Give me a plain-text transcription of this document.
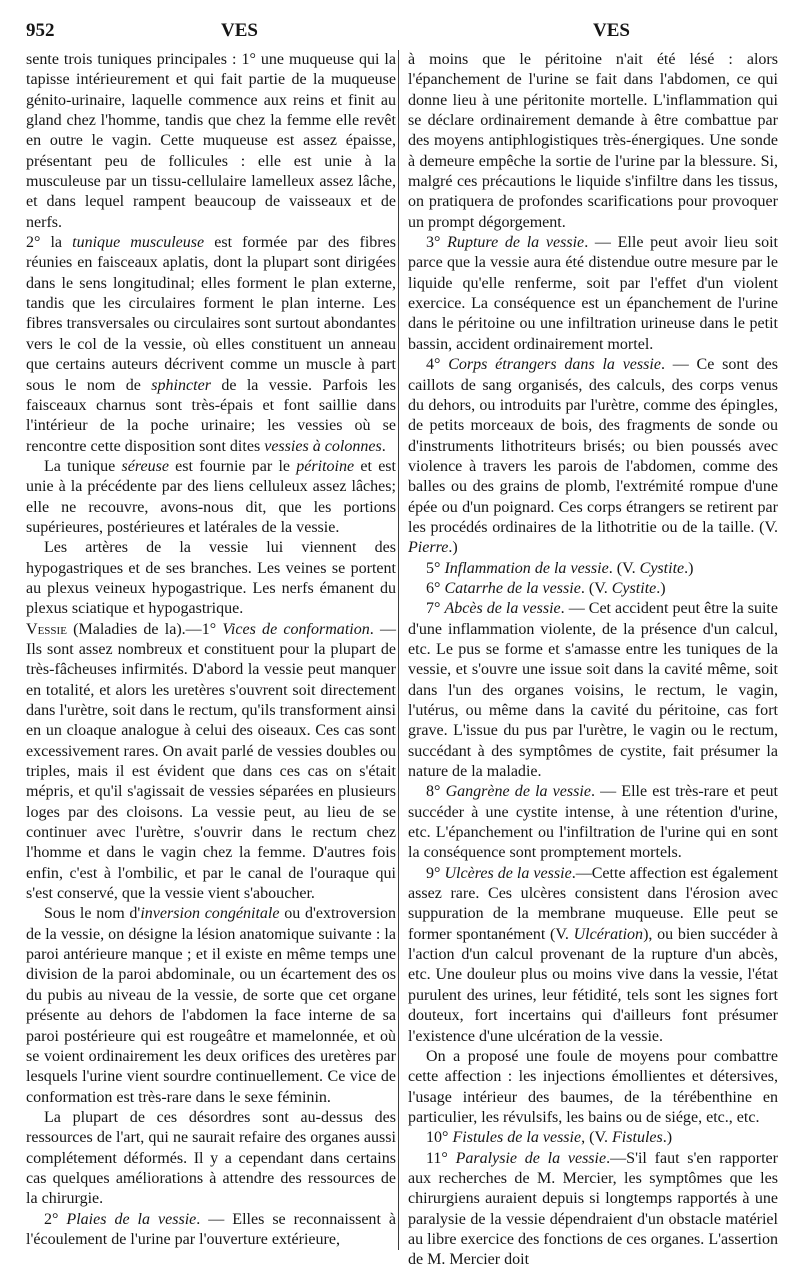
952	VES	VES

sente trois tuniques principales : 1° une muqueuse qui la tapisse intérieurement et qui fait partie de la muqueuse génito-urinaire, laquelle commence aux reins et finit au gland chez l'homme, tandis que chez la femme elle revêt en outre le vagin. Cette muqueuse est assez épaisse, présentant peu de follicules : elle est unie à la musculeuse par un tissu-cellulaire lamelleux assez lâche, et dans lequel rampent beaucoup de vaisseaux et de nerfs.

2° la tunique musculeuse est formée par des fibres réunies en faisceaux aplatis, dont la plupart sont dirigées dans le sens longitudinal; elles forment le plan externe, tandis que les circulaires forment le plan interne. Les fibres transversales ou circulaires sont surtout abondantes vers le col de la vessie, où elles constituent un anneau que certains auteurs décrivent comme un muscle à part sous le nom de sphincter de la vessie. Parfois les faisceaux charnus sont très-épais et font saillie dans l'intérieur de la poche urinaire; les vessies où se rencontre cette disposition sont dites vessies à colonnes.

La tunique séreuse est fournie par le péritoine et est unie à la précédente par des liens celluleux assez lâches; elle ne recouvre, avons-nous dit, que les portions supérieures, postérieures et latérales de la vessie.

Les artères de la vessie lui viennent des hypogastriques et de ses branches. Les veines se portent au plexus veineux hypogastrique. Les nerfs émanent du plexus sciatique et hypogastrique.

Vessie (Maladies de la).—1° Vices de conformation. — Ils sont assez nombreux et constituent pour la plupart de très-fâcheuses infirmités. D'abord la vessie peut manquer en totalité, et alors les uretères s'ouvrent soit directement dans l'urètre, soit dans le rectum, qu'ils transforment ainsi en un cloaque analogue à celui des oiseaux. Ces cas sont excessivement rares. On avait parlé de vessies doubles ou triples, mais il est évident que dans ces cas on s'était mépris, et qu'il s'agissait de vessies séparées en plusieurs loges par des cloisons. La vessie peut, au lieu de se continuer avec l'urètre, s'ouvrir dans le rectum chez l'homme et dans le vagin chez la femme. D'autres fois enfin, c'est à l'ombilic, et par le canal de l'ouraque qui s'est conservé, que la vessie vient s'aboucher.

Sous le nom d'inversion congénitale ou d'extroversion de la vessie, on désigne la lésion anatomique suivante : la paroi antérieure manque ; et il existe en même temps une division de la paroi abdominale, ou un écartement des os du pubis au niveau de la vessie, de sorte que cet organe présente au dehors de l'abdomen la face interne de sa paroi postérieure qui est rougeâtre et mamelonnée, et où se voient ordinairement les deux orifices des uretères par lesquels l'urine vient sourdre continuellement. Ce vice de conformation est très-rare dans le sexe féminin.

La plupart de ces désordres sont au-dessus des ressources de l'art, qui ne saurait refaire des organes aussi complétement déformés. Il y a cependant dans certains cas quelques améliorations à attendre des ressources de la chirurgie.

2° Plaies de la vessie. — Elles se reconnaissent à l'écoulement de l'urine par l'ouverture extérieure,

à moins que le péritoine n'ait été lésé : alors l'épanchement de l'urine se fait dans l'abdomen, ce qui donne lieu à une péritonite mortelle. L'inflammation qui se déclare ordinairement demande à être combattue par des moyens antiphlogistiques très-énergiques. Une sonde à demeure empêche la sortie de l'urine par la blessure. Si, malgré ces précautions le liquide s'infiltre dans les tissus, on pratiquera de profondes scarifications pour provoquer un prompt dégorgement.

3° Rupture de la vessie. — Elle peut avoir lieu soit parce que la vessie aura été distendue outre mesure par le liquide qu'elle renferme, soit par l'effet d'un violent exercice. La conséquence est un épanchement de l'urine dans le péritoine ou une infiltration urineuse dans le petit bassin, accident ordinairement mortel.

4° Corps étrangers dans la vessie. — Ce sont des caillots de sang organisés, des calculs, des corps venus du dehors, ou introduits par l'urètre, comme des épingles, de petits morceaux de bois, des fragments de sonde ou d'instruments lithotriteurs brisés; ou bien poussés avec violence à travers les parois de l'abdomen, comme des balles ou des grains de plomb, l'extrémité rompue d'une épée ou d'un poignard. Ces corps étrangers se retirent par les procédés ordinaires de la lithotritie ou de la taille. (V. Pierre.)

5° Inflammation de la vessie. (V. Cystite.)

6° Catarrhe de la vessie. (V. Cystite.)

7° Abcès de la vessie. — Cet accident peut être la suite d'une inflammation violente, de la présence d'un calcul, etc. Le pus se forme et s'amasse entre les tuniques de la vessie, et s'ouvre une issue soit dans la cavité même, soit dans l'un des organes voisins, le rectum, le vagin, l'utérus, ou même dans la cavité du péritoine, cas fort grave. L'issue du pus par l'urètre, le vagin ou le rectum, succédant à des symptômes de cystite, fait présumer la nature de la maladie.

8° Gangrène de la vessie. — Elle est très-rare et peut succéder à une cystite intense, à une rétention d'urine, etc. L'épanchement ou l'infiltration de l'urine qui en sont la conséquence sont promptement mortels.

9° Ulcères de la vessie.—Cette affection est également assez rare. Ces ulcères consistent dans l'érosion avec suppuration de la membrane muqueuse. Elle peut se former spontanément (V. Ulcération), ou bien succéder à l'action d'un calcul provenant de la rupture d'un abcès, etc. Une douleur plus ou moins vive dans la vessie, l'état purulent des urines, leur fétidité, tels sont les signes fort douteux, fort incertains qui d'ailleurs font présumer l'existence d'une ulcération de la vessie.

On a proposé une foule de moyens pour combattre cette affection : les injections émollientes et détersives, l'usage intérieur des baumes, de la térébenthine en particulier, les révulsifs, les bains ou de siége, etc., etc.

10° Fistules de la vessie, (V. Fistules.)

11° Paralysie de la vessie.—S'il faut s'en rapporter aux recherches de M. Mercier, les symptômes que les chirurgiens auraient depuis si longtemps rapportés à une paralysie de la vessie dépendraient d'un obstacle matériel au libre exercice des fonctions de ces organes. L'assertion de M. Mercier doit
